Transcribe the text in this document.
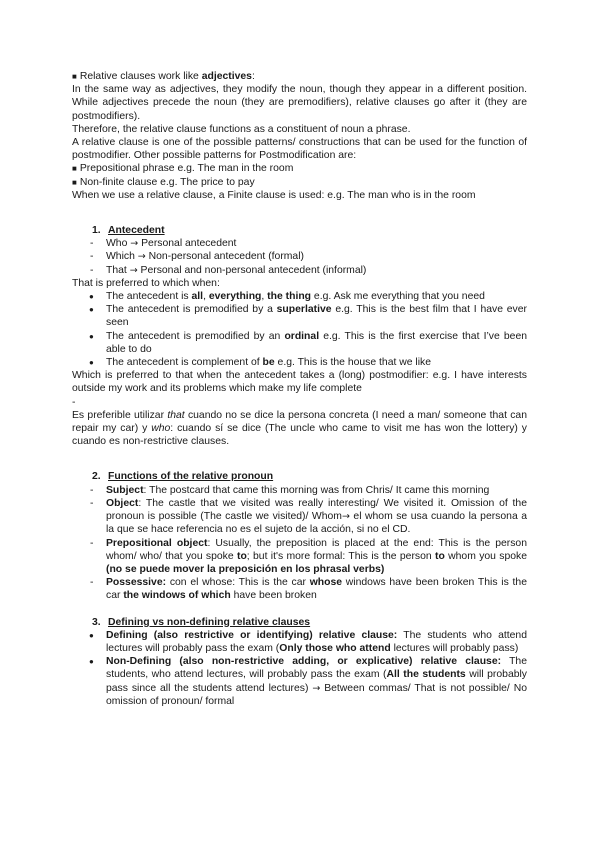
■ Relative clauses work like adjectives:

In the same way as adjectives, they modify the noun, though they appear in a different position. While adjectives precede the noun (they are premodifiers), relative clauses go after it (they are postmodifiers).

Therefore, the relative clause functions as a constituent of noun a phrase.

A relative clause is one of the possible patterns/ constructions that can be used for the function of postmodifier. Other possible patterns for Postmodification are:

■ Prepositional phrase e.g. The man in the room

■ Non-finite clause e.g. The price to pay

When we use a relative clause, a Finite clause is used: e.g. The man who is in the room

1. Antecedent
- Who → Personal antecedent
- Which → Non-personal antecedent (formal)
- That → Personal and non-personal antecedent (informal)

That is preferred to which when:

● The antecedent is all, everything, the thing e.g. Ask me everything that you need
● The antecedent is premodified by a superlative e.g. This is the best film that I have ever seen
● The antecedent is premodified by an ordinal e.g. This is the first exercise that I’ve been able to do
● The antecedent is complement of be e.g. This is the house that we like

Which is preferred to that when the antecedent takes a (long) postmodifier: e.g. I have interests outside my work and its problems which make my life complete

-

Es preferible utilizar that cuando no se dice la persona concreta (I need a man/ someone that can repair my car) y who: cuando sí se dice (The uncle who came to visit me has won the lottery) y cuando es non-restrictive clauses.

2. Functions of the relative pronoun
- Subject: The postcard that came this morning was from Chris/ It came this morning
- Object: The castle that we visited was really interesting/ We visited it. Omission of the pronoun is possible (The castle we visited)/ Whom→ el whom se usa cuando la persona a la que se hace referencia no es el sujeto de la acción, si no el CD.
- Prepositional object: Usually, the preposition is placed at the end: This is the person whom/ who/ that you spoke to; but it's more formal: This is the person to whom you spoke (no se puede mover la preposición en los phrasal verbs)
- Possessive: con el whose: This is the car whose windows have been broken This is the car the windows of which have been broken
3. Defining vs non-defining relative clauses
● Defining (also restrictive or identifying) relative clause: The students who attend lectures will probably pass the exam (Only those who attend lectures will probably pass)
● Non-Defining (also non-restrictive adding, or explicative) relative clause: The students, who attend lectures, will probably pass the exam (All the students will probably pass since all the students attend lectures) → Between commas/ That is not possible/ No omission of pronoun/ formal
